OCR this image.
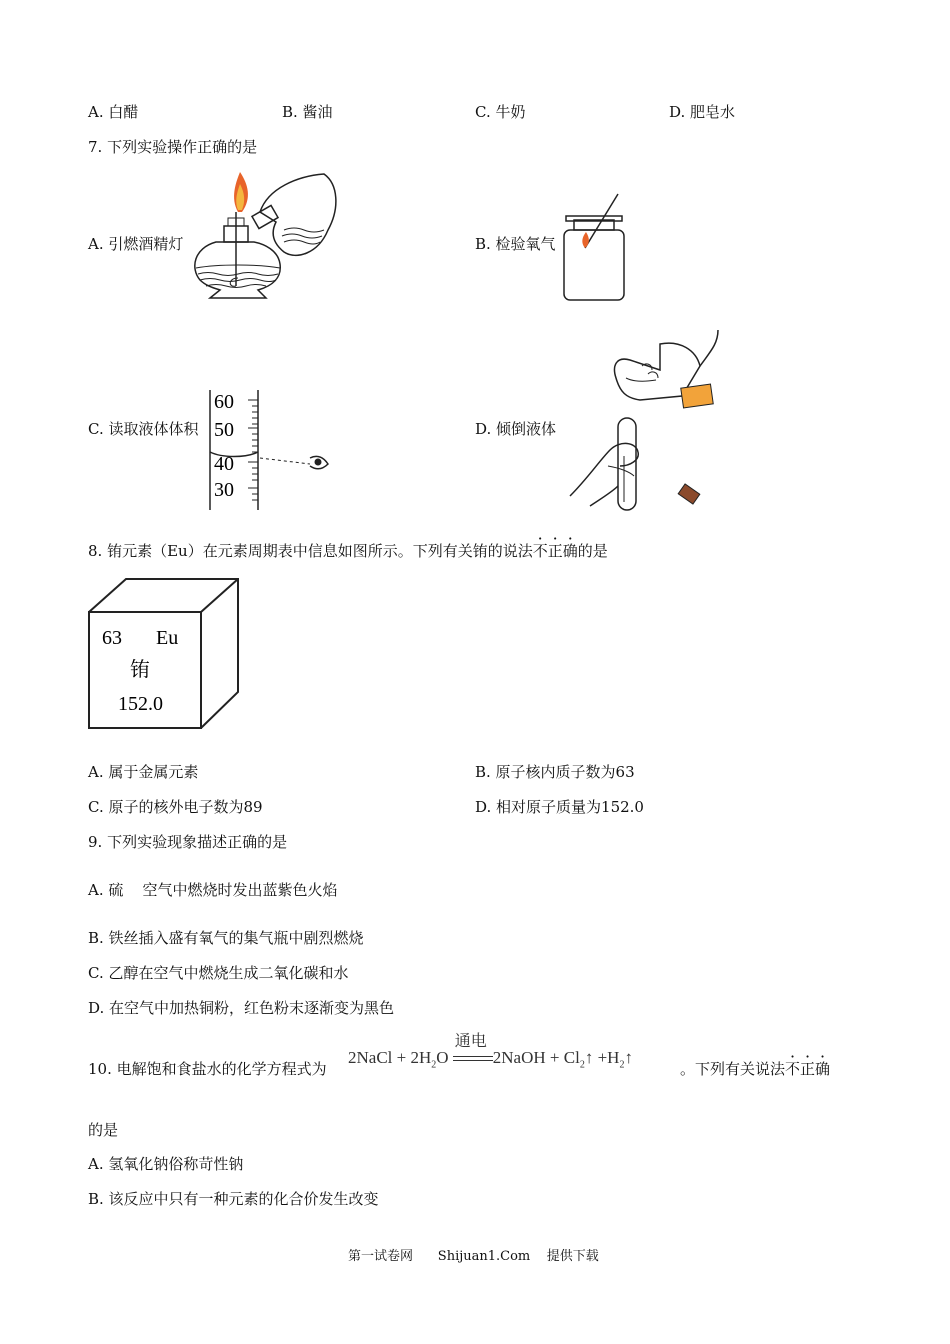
A. 白醋	B. 酱油	C. 牛奶	D. 肥皂水
7. 下列实验操作正确的是
A. 引燃酒精灯	B. 检验氧气
C. 读取液体体积	D. 倾倒液体
60
50
40
30
8. 铕元素（Eu）在元素周期表中信息如图所示。下列有关铕的说法不正确的是
63 Eu
铕
152.0
A. 属于金属元素	B. 原子核内质子数为63
C. 原子的核外电子数为89	D. 相对原子质量为152.0
9. 下列实验现象描述正确的是
A. 硫    空气中燃烧时发出蓝紫色火焰
B. 铁丝插入盛有氧气的集气瓶中剧烈燃烧
C. 乙醇在空气中燃烧生成二氧化碳和水
D. 在空气中加热铜粉，红色粉末逐渐变为黑色
10. 电解饱和食盐水的化学方程式为
2NaCl + $2H_2O$
通电
2NaOH + $Cl_2↑$ $+H_2↑$
。下列有关说法不正确
的是
A. 氢氧化钠俗称苛性钠
B. 该反应中只有一种元素的化合价发生改变
第一试卷网      Shijuan1.Com    提供下载
